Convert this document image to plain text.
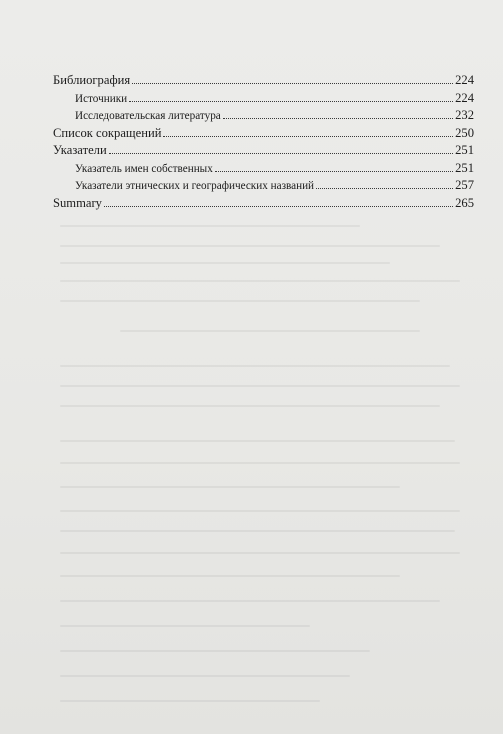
Библиография	224
Источники	224
Исследовательская литература	232
Список сокращений	250
Указатели	251
Указатель имен собственных	251
Указатели этнических и географических названий	257
Summary	265
